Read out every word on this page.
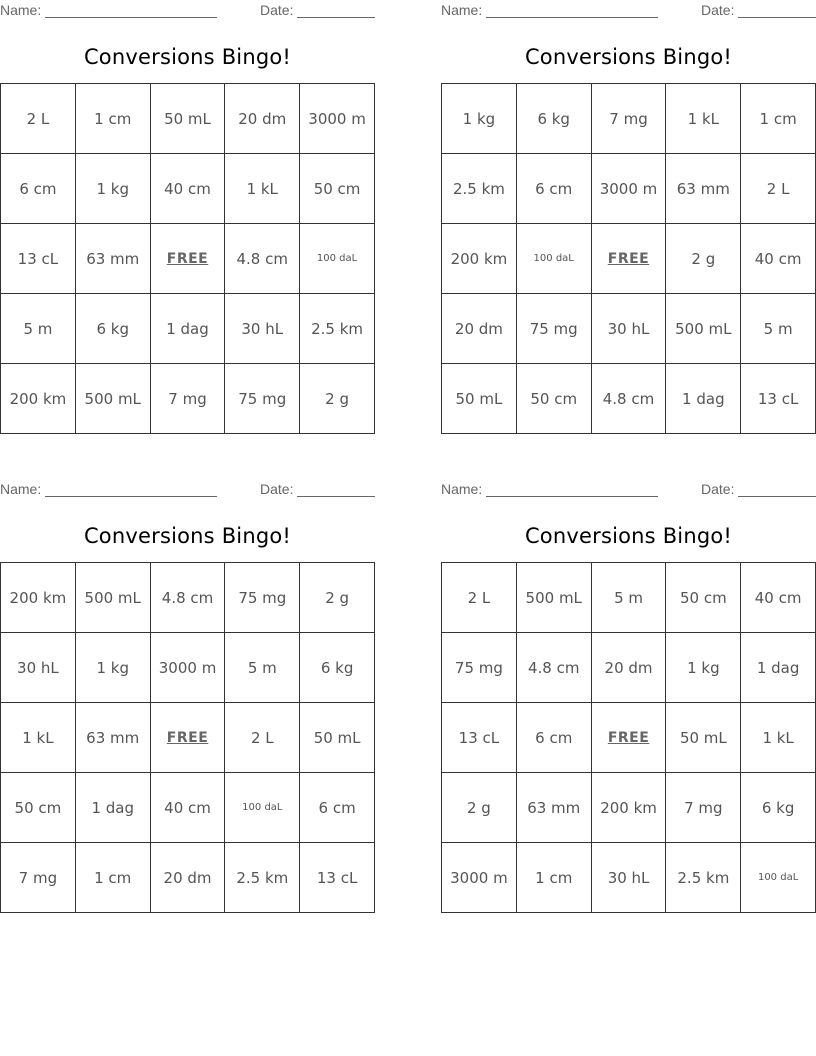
Name:	Date:
Conversions Bingo!
2 L	1 cm	50 mL	20 dm	3000 m
6 cm	1 kg	40 cm	1 kL	50 cm
13 cL	63 mm	FREE	4.8 cm	100 daL
5 m	6 kg	1 dag	30 hL	2.5 km
200 km	500 mL	7 mg	75 mg	2 g
Name:	Date:
Conversions Bingo!
1 kg	6 kg	7 mg	1 kL	1 cm
2.5 km	6 cm	3000 m	63 mm	2 L
200 km	100 daL	FREE	2 g	40 cm
20 dm	75 mg	30 hL	500 mL	5 m
50 mL	50 cm	4.8 cm	1 dag	13 cL
Name:	Date:
Conversions Bingo!
200 km	500 mL	4.8 cm	75 mg	2 g
30 hL	1 kg	3000 m	5 m	6 kg
1 kL	63 mm	FREE	2 L	50 mL
50 cm	1 dag	40 cm	100 daL	6 cm
7 mg	1 cm	20 dm	2.5 km	13 cL
Name:	Date:
Conversions Bingo!
2 L	500 mL	5 m	50 cm	40 cm
75 mg	4.8 cm	20 dm	1 kg	1 dag
13 cL	6 cm	FREE	50 mL	1 kL
2 g	63 mm	200 km	7 mg	6 kg
3000 m	1 cm	30 hL	2.5 km	100 daL
